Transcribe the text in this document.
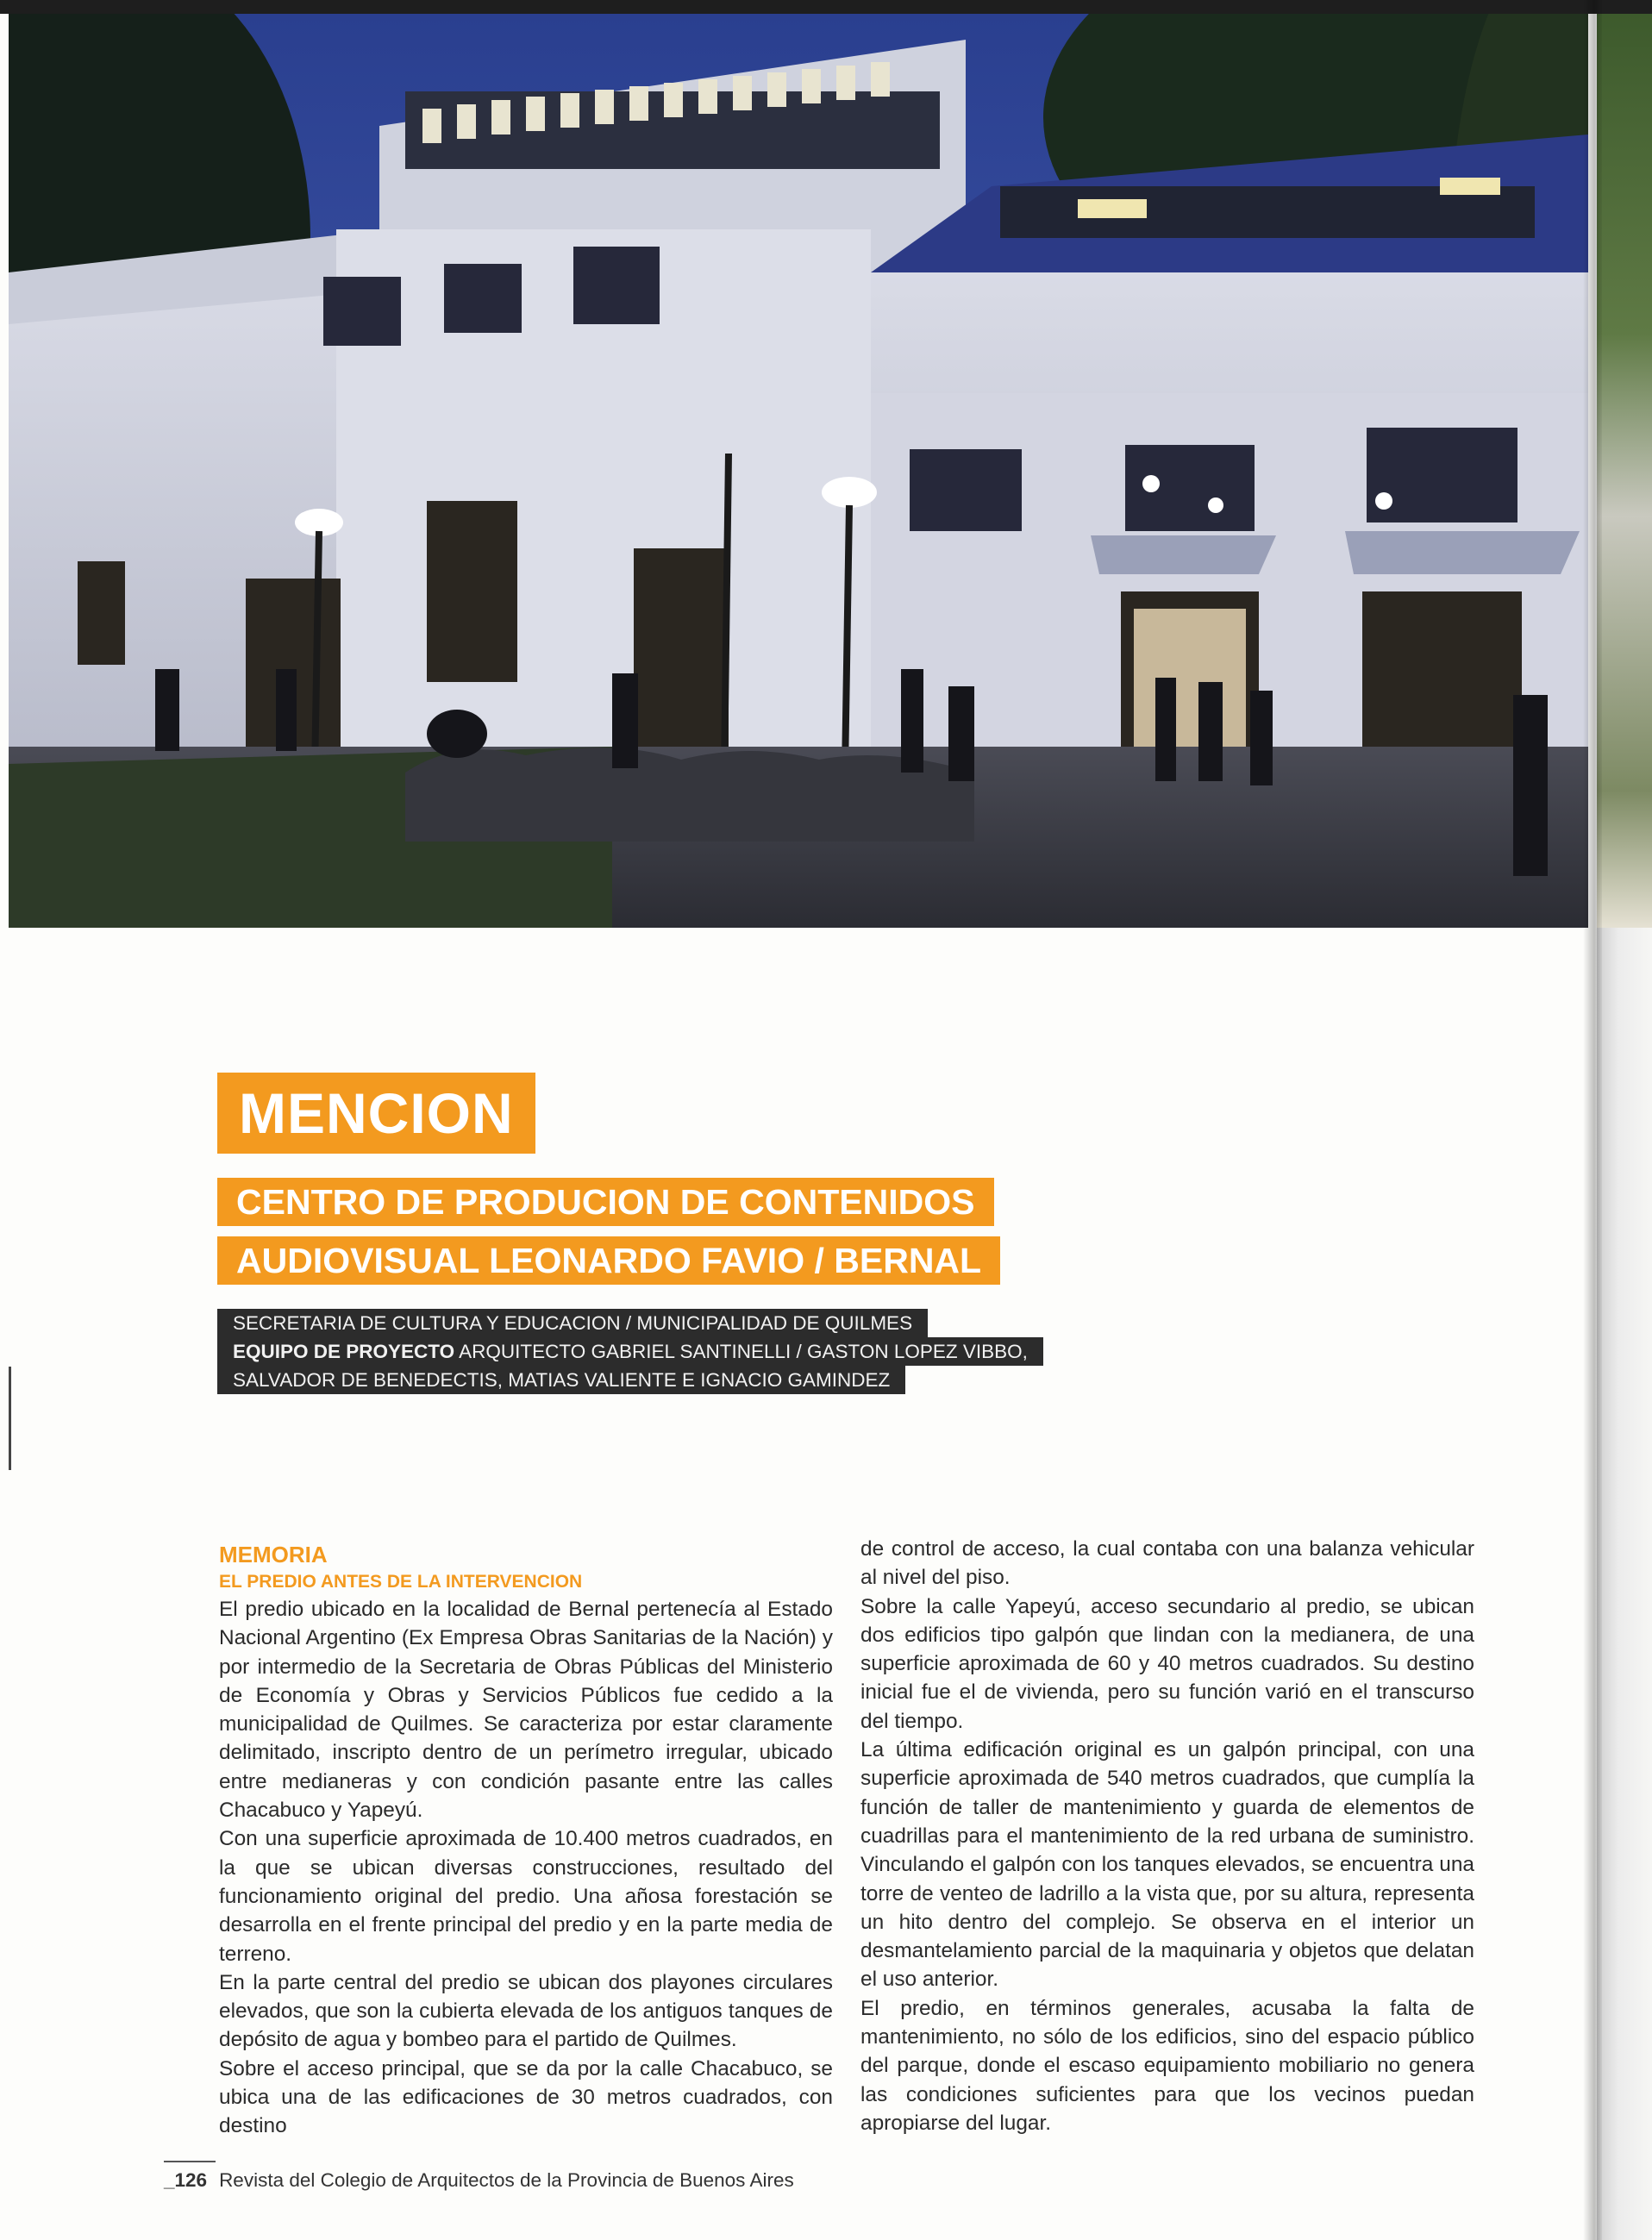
MENCION
CENTRO DE PRODUCION DE CONTENIDOS
AUDIOVISUAL LEONARDO FAVIO / BERNAL
SECRETARIA DE CULTURA Y EDUCACION / MUNICIPALIDAD DE QUILMES
EQUIPO DE PROYECTO ARQUITECTO GABRIEL SANTINELLI / GASTON LOPEZ VIBBO,
SALVADOR DE BENEDECTIS, MATIAS VALIENTE E IGNACIO GAMINDEZ
MEMORIA
EL PREDIO ANTES DE LA INTERVENCION

El predio ubicado en la localidad de Bernal pertenecía al Estado Nacional Argentino (Ex Empresa Obras Sanitarias de la Nación) y por intermedio de la Secretaria de Obras Públicas del Ministerio de Economía y Obras y Servicios Públicos fue cedido a la municipalidad de Quilmes. Se caracteriza por estar claramente delimitado, inscripto dentro de un perímetro irregular, ubicado entre medianeras y con condición pasante entre las calles Chacabuco y Yapeyú.

Con una superficie aproximada de 10.400 metros cuadrados, en la que se ubican diversas construcciones, resultado del funcionamiento original del predio. Una añosa forestación se desarrolla en el frente principal del predio y en la parte media de terreno.

En la parte central del predio se ubican dos playones circulares elevados, que son la cubierta elevada de los antiguos tanques de depósito de agua y bombeo para el partido de Quilmes.

Sobre el acceso principal, que se da por la calle Chacabuco, se ubica una de las edificaciones de 30 metros cuadrados, con destino

de control de acceso, la cual contaba con una balanza vehicular al nivel del piso.

Sobre la calle Yapeyú, acceso secundario al predio, se ubican dos edificios tipo galpón que lindan con la medianera, de una superficie aproximada de 60 y 40 metros cuadrados. Su destino inicial fue el de vivienda, pero su función varió en el transcurso del tiempo.

La última edificación original es un galpón principal, con una superficie aproximada de 540 metros cuadrados, que cumplía la función de taller de mantenimiento y guarda de elementos de cuadrillas para el mantenimiento de la red urbana de suministro. Vinculando el galpón con los tanques elevados, se encuentra una torre de venteo de ladrillo a la vista que, por su altura, representa un hito dentro del complejo. Se observa en el interior un desmantelamiento parcial de la maquinaria y objetos que delatan el uso anterior.

El predio, en términos generales, acusaba la falta de mantenimiento, no sólo de los edificios, sino del espacio público del parque, donde el escaso equipamiento mobiliario no genera las condiciones suficientes para que los vecinos puedan apropiarse del lugar.

_126 Revista del Colegio de Arquitectos de la Provincia de Buenos Aires
